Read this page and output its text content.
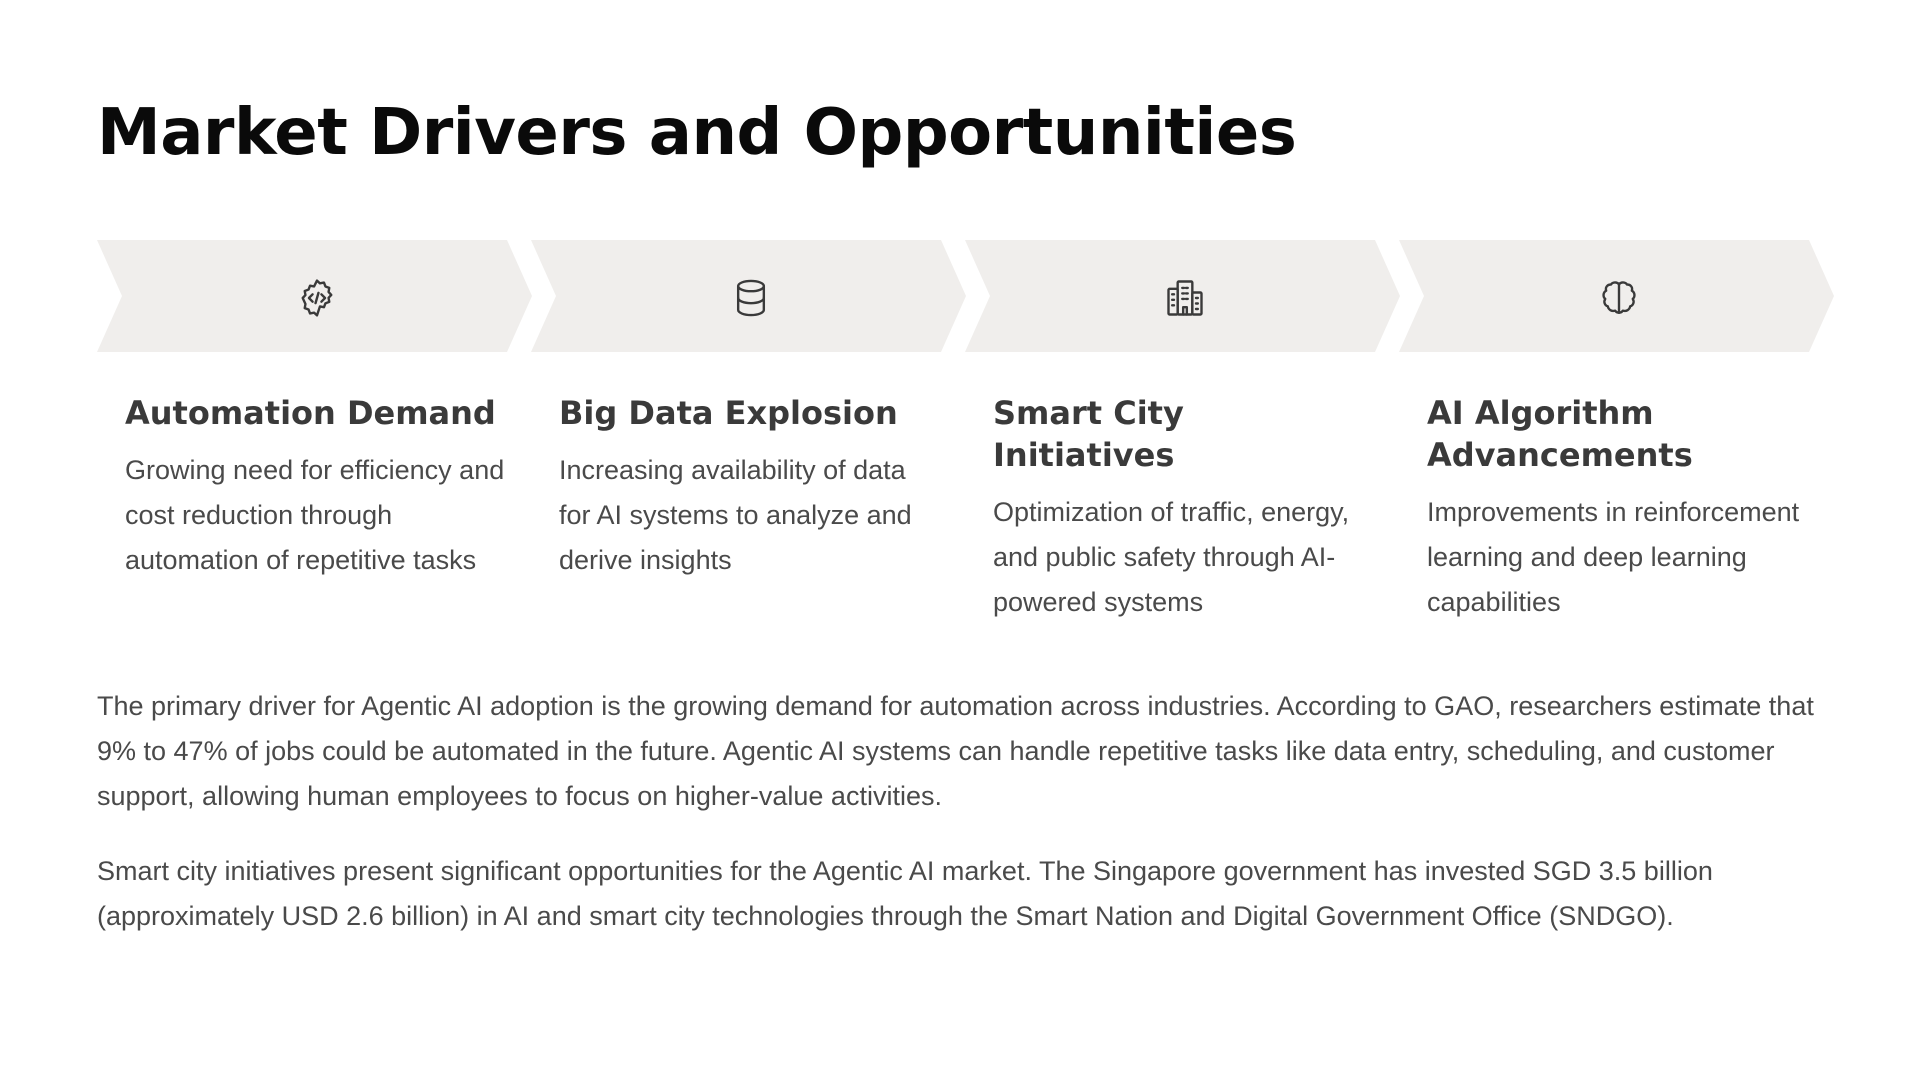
Market Drivers and Opportunities
Automation Demand

Growing need for efficiency and cost reduction through automation of repetitive tasks

Big Data Explosion

Increasing availability of data for AI systems to analyze and derive insights

Smart City Initiatives

Optimization of traffic, energy, and public safety through AI-powered systems

AI Algorithm Advancements

Improvements in reinforcement learning and deep learning capabilities

The primary driver for Agentic AI adoption is the growing demand for automation across industries. According to GAO, researchers estimate that 9% to 47% of jobs could be automated in the future. Agentic AI systems can handle repetitive tasks like data entry, scheduling, and customer support, allowing human employees to focus on higher-value activities.

Smart city initiatives present significant opportunities for the Agentic AI market. The Singapore government has invested SGD 3.5 billion (approximately USD 2.6 billion) in AI and smart city technologies through the Smart Nation and Digital Government Office (SNDGO).
